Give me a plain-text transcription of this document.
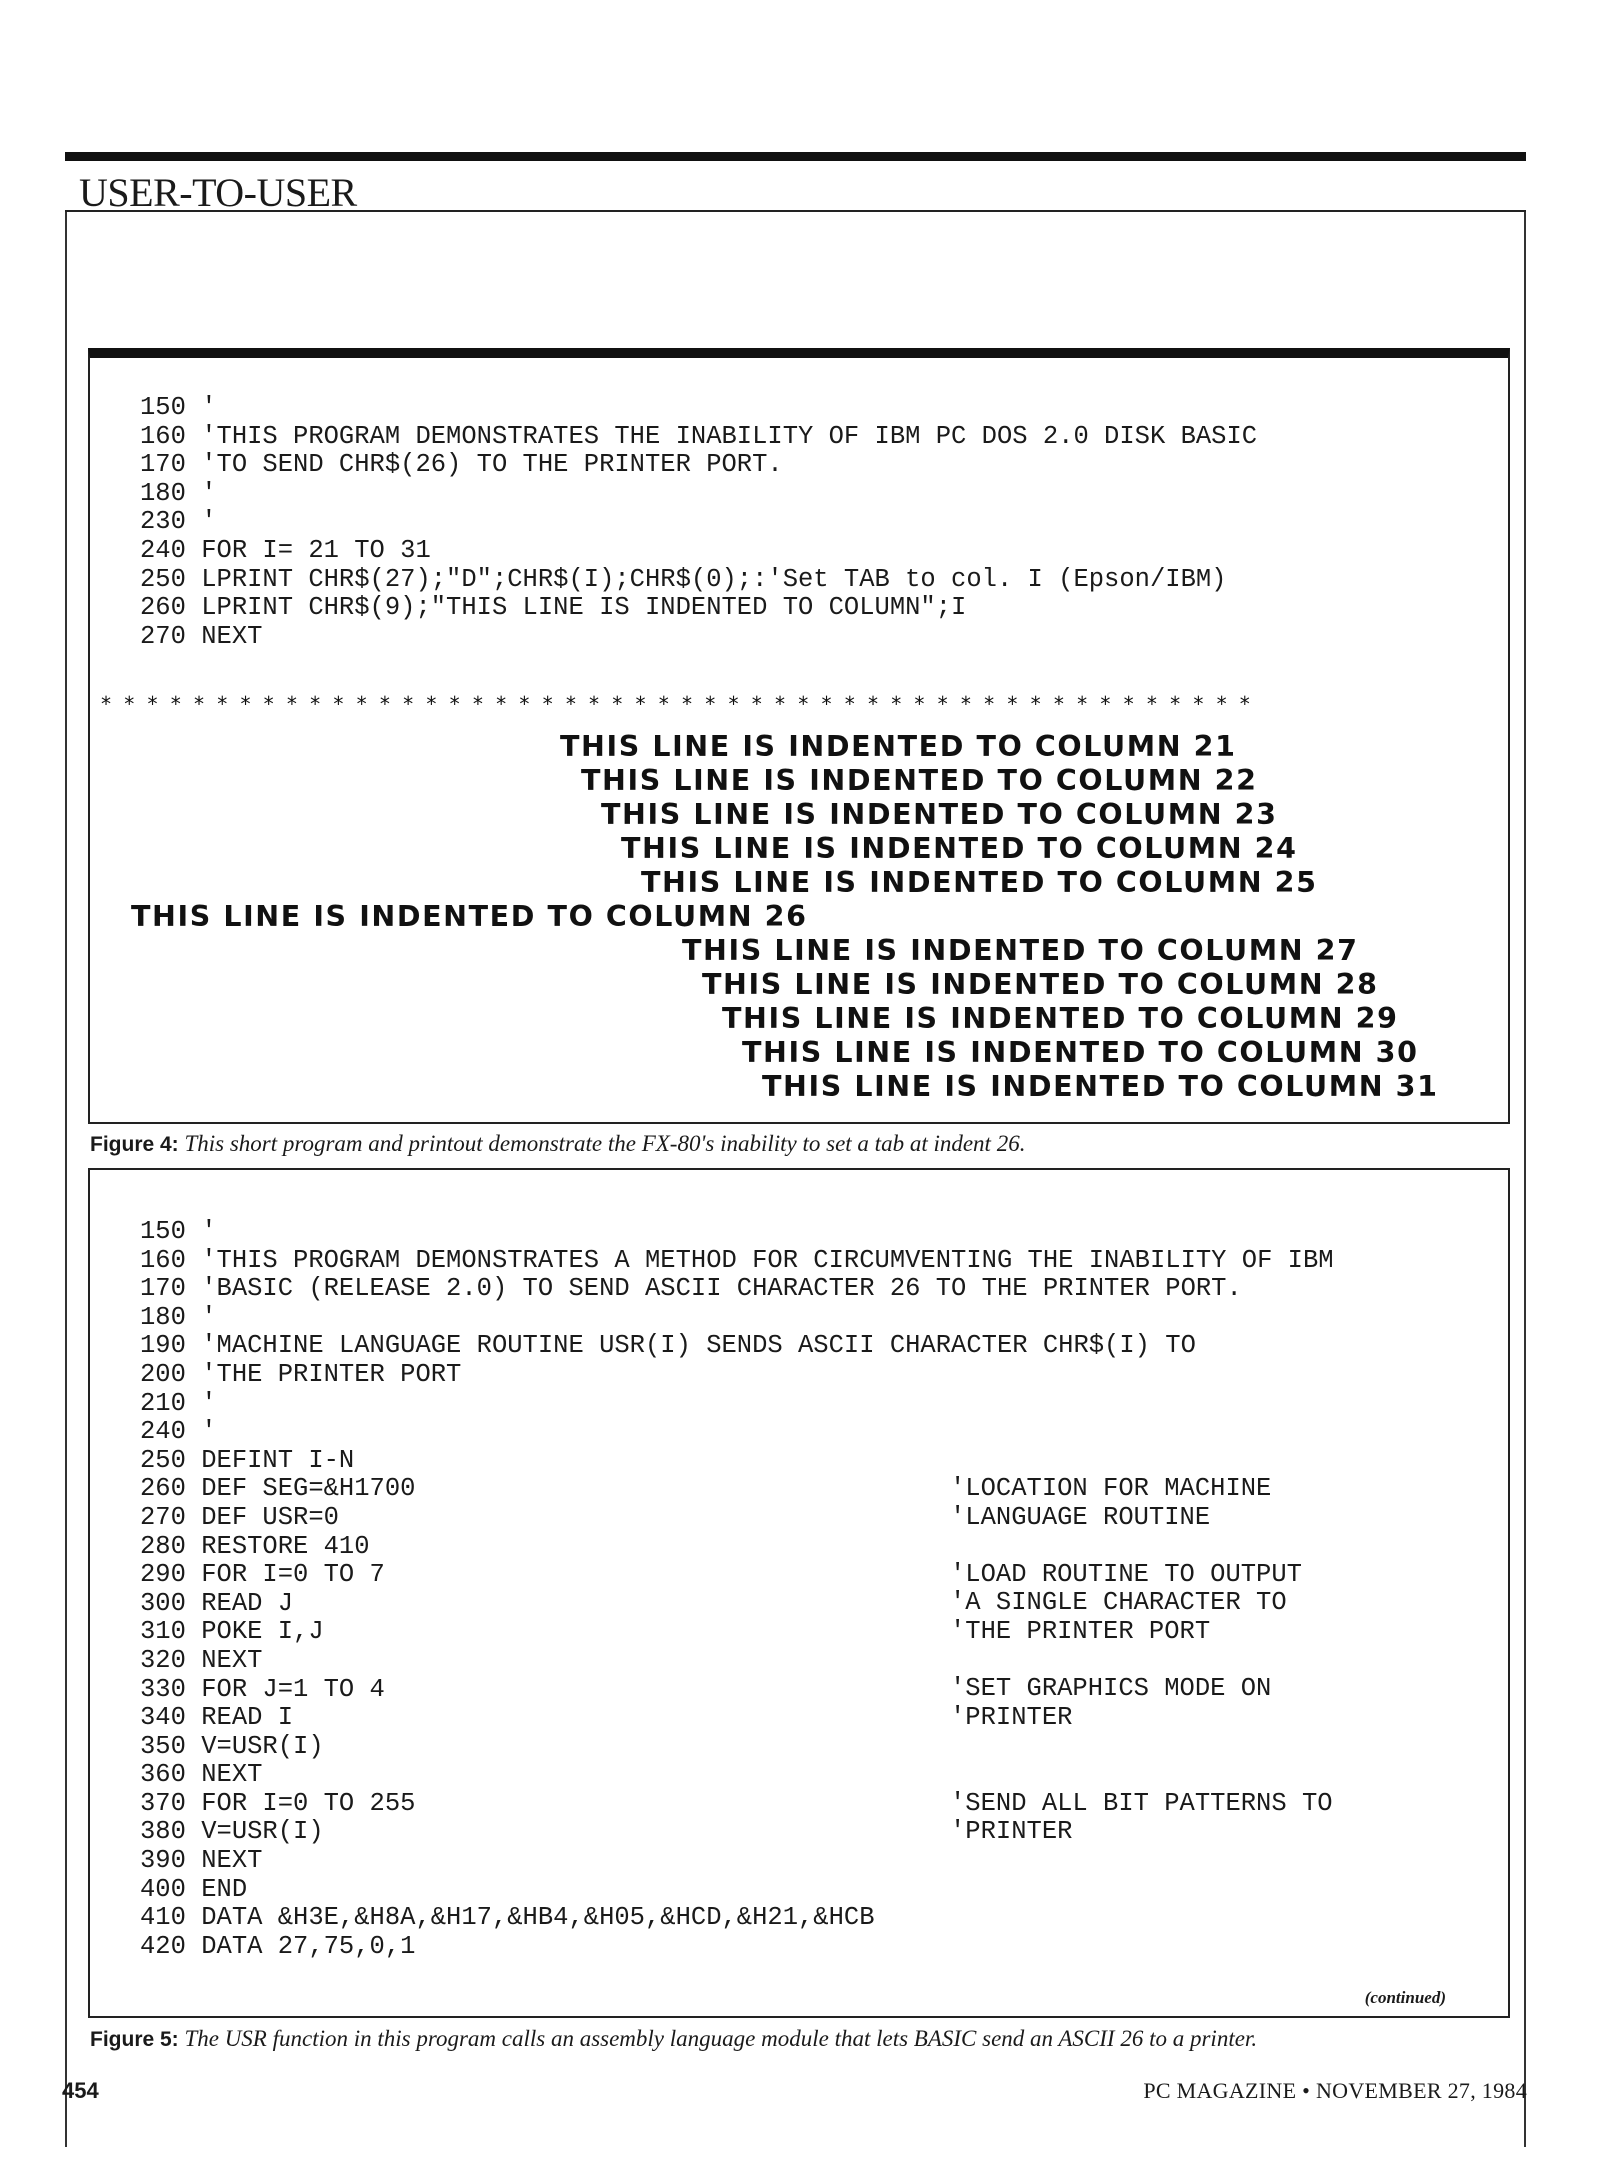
USER-TO-USER
150 '
160 'THIS PROGRAM DEMONSTRATES THE INABILITY OF IBM PC DOS 2.0 DISK BASIC
170 'TO SEND CHR$(26) TO THE PRINTER PORT.
180 '
230 '
240 FOR I= 21 TO 31
250 LPRINT CHR$(27);"D";CHR$(I);CHR$(0);:'Set TAB to col. I (Epson/IBM)
260 LPRINT CHR$(9);"THIS LINE IS INDENTED TO COLUMN";I
270 NEXT
**************************************************
THIS LINE IS INDENTED TO COLUMN 21
THIS LINE IS INDENTED TO COLUMN 22
THIS LINE IS INDENTED TO COLUMN 23
THIS LINE IS INDENTED TO COLUMN 24
THIS LINE IS INDENTED TO COLUMN 25
THIS LINE IS INDENTED TO COLUMN 26
THIS LINE IS INDENTED TO COLUMN 27
THIS LINE IS INDENTED TO COLUMN 28
THIS LINE IS INDENTED TO COLUMN 29
THIS LINE IS INDENTED TO COLUMN 30
THIS LINE IS INDENTED TO COLUMN 31
Figure 4: This short program and printout demonstrate the FX-80's inability to set a tab at indent 26.
150 '
160 'THIS PROGRAM DEMONSTRATES A METHOD FOR CIRCUMVENTING THE INABILITY OF IBM
170 'BASIC (RELEASE 2.0) TO SEND ASCII CHARACTER 26 TO THE PRINTER PORT.
180 '
190 'MACHINE LANGUAGE ROUTINE USR(I) SENDS ASCII CHARACTER CHR$(I) TO
200 'THE PRINTER PORT
210 '
240 '
250 DEFINT I-N
260 DEF SEG=&H1700
270 DEF USR=0
280 RESTORE 410
290 FOR I=0 TO 7
300 READ J
310 POKE I,J
320 NEXT
330 FOR J=1 TO 4
340 READ I
350 V=USR(I)
360 NEXT
370 FOR I=0 TO 255
380 V=USR(I)
390 NEXT
400 END
410 DATA &H3E,&H8A,&H17,&HB4,&H05,&HCD,&H21,&HCB
420 DATA 27,75,0,1
'LOCATION FOR MACHINE
'LANGUAGE ROUTINE

'LOAD ROUTINE TO OUTPUT
'A SINGLE CHARACTER TO
'THE PRINTER PORT

'SET GRAPHICS MODE ON
'PRINTER

'SEND ALL BIT PATTERNS TO
'PRINTER
(continued)
Figure 5: The USR function in this program calls an assembly language module that lets BASIC send an ASCII 26 to a printer.
454	PC MAGAZINE • NOVEMBER 27, 1984
